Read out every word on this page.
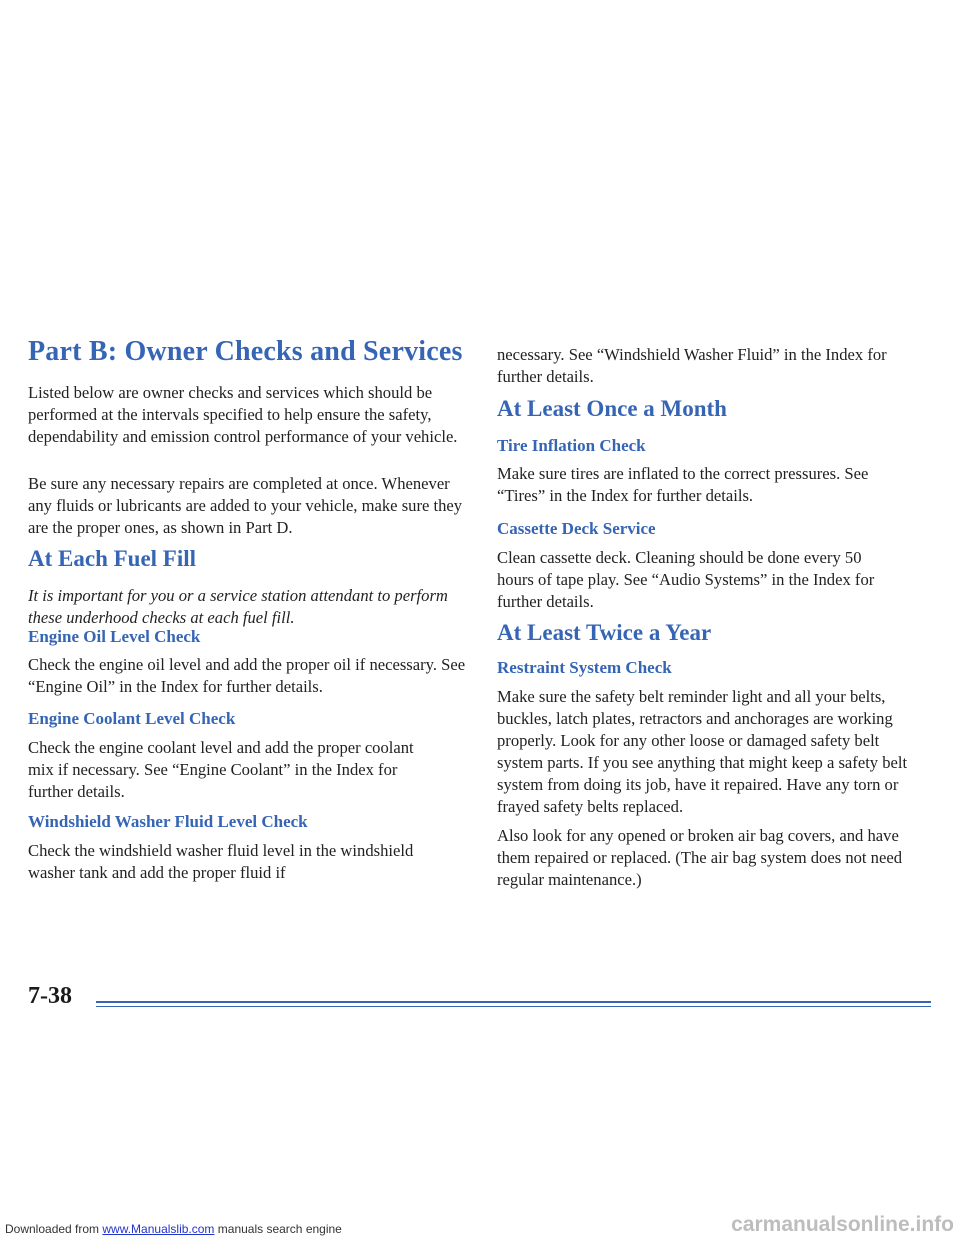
Part B: Owner Checks and Services

Listed below are owner checks and services which should be performed at the intervals specified to help ensure the safety, dependability and emission control performance of your vehicle.

Be sure any necessary repairs are completed at once. Whenever any fluids or lubricants are added to your vehicle, make sure they are the proper ones, as shown in Part D.

At Each Fuel Fill

It is important for you or a service station attendant to perform these underhood checks at each fuel fill.

Engine Oil Level Check

Check the engine oil level and add the proper oil if necessary. See “Engine Oil” in the Index for further details.

Engine Coolant Level Check

Check the engine coolant level and add the proper coolant mix if necessary. See “Engine Coolant” in the Index for further details.

Windshield Washer Fluid Level Check

Check the windshield washer fluid level in the windshield washer tank and add the proper fluid if

necessary. See “Windshield Washer Fluid” in the Index for further details.

At Least Once a Month
Tire Inflation Check

Make sure tires are inflated to the correct pressures. See “Tires” in the Index for further details.

Cassette Deck Service

Clean cassette deck. Cleaning should be done every 50 hours of tape play. See “Audio Systems” in the Index for further details.

At Least Twice a Year
Restraint System Check

Make sure the safety belt reminder light and all your belts, buckles, latch plates, retractors and anchorages are working properly. Look for any other loose or damaged safety belt system parts. If you see anything that might keep a safety belt system from doing its job, have it repaired. Have any torn or frayed safety belts replaced.

Also look for any opened or broken air bag covers, and have them repaired or replaced. (The air bag system does not need regular maintenance.)

7-38

Downloaded from www.Manualslib.com manuals search engine	carmanualsonline.info
